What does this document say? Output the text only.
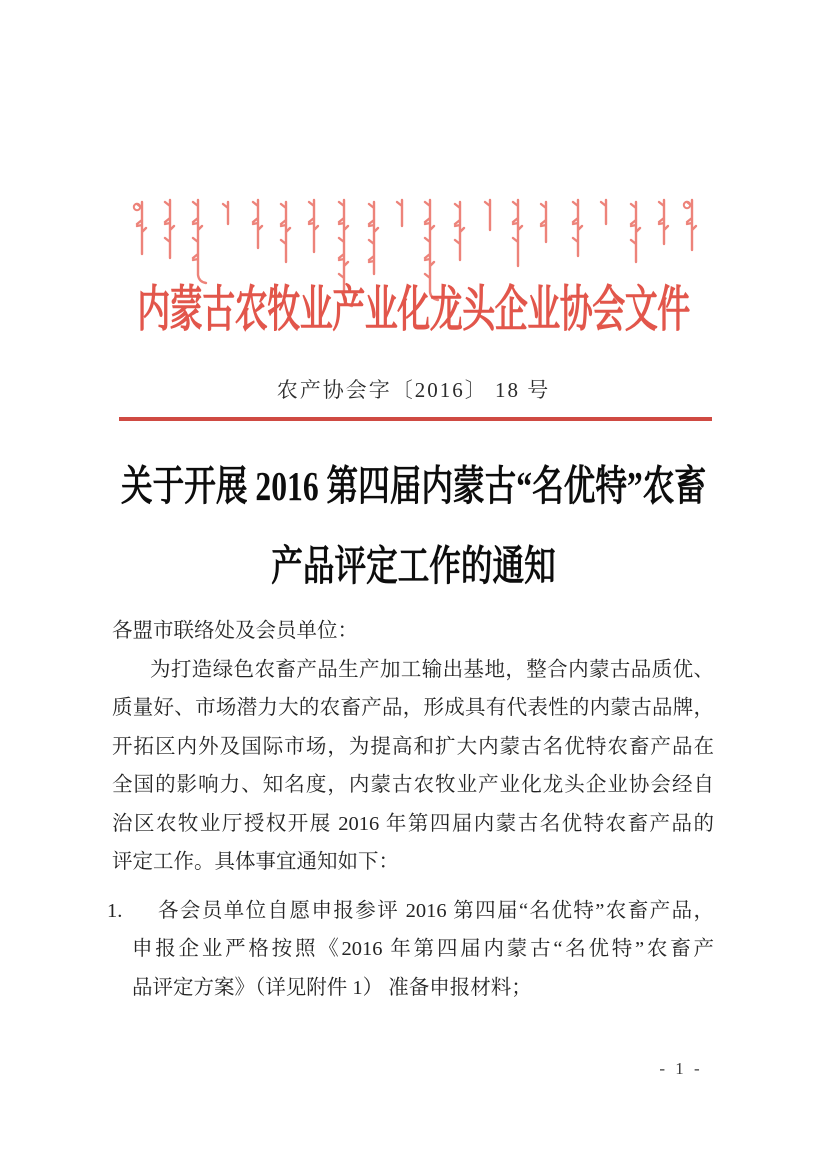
内蒙古农牧业产业化龙头企业协会文件
农产协会字〔2016〕 18 号
关于开展 2016 第四届内蒙古“名优特”农畜
产品评定工作的通知
各盟市联络处及会员单位：
为打造绿色农畜产品生产加工输出基地，整合内蒙古品质优、
质量好、市场潜力大的农畜产品，形成具有代表性的内蒙古品牌，
开拓区内外及国际市场，为提高和扩大内蒙古名优特农畜产品在
全国的影响力、知名度，内蒙古农牧业产业化龙头企业协会经自
治区农牧业厅授权开展 2016 年第四届内蒙古名优特农畜产品的
评定工作。具体事宜通知如下：
1. 各会员单位自愿申报参评 2016 第四届“名优特”农畜产品，
申报企业严格按照《2016 年第四届内蒙古“名优特”农畜产
品评定方案》（详见附件 1） 准备申报材料；
- 1 -
